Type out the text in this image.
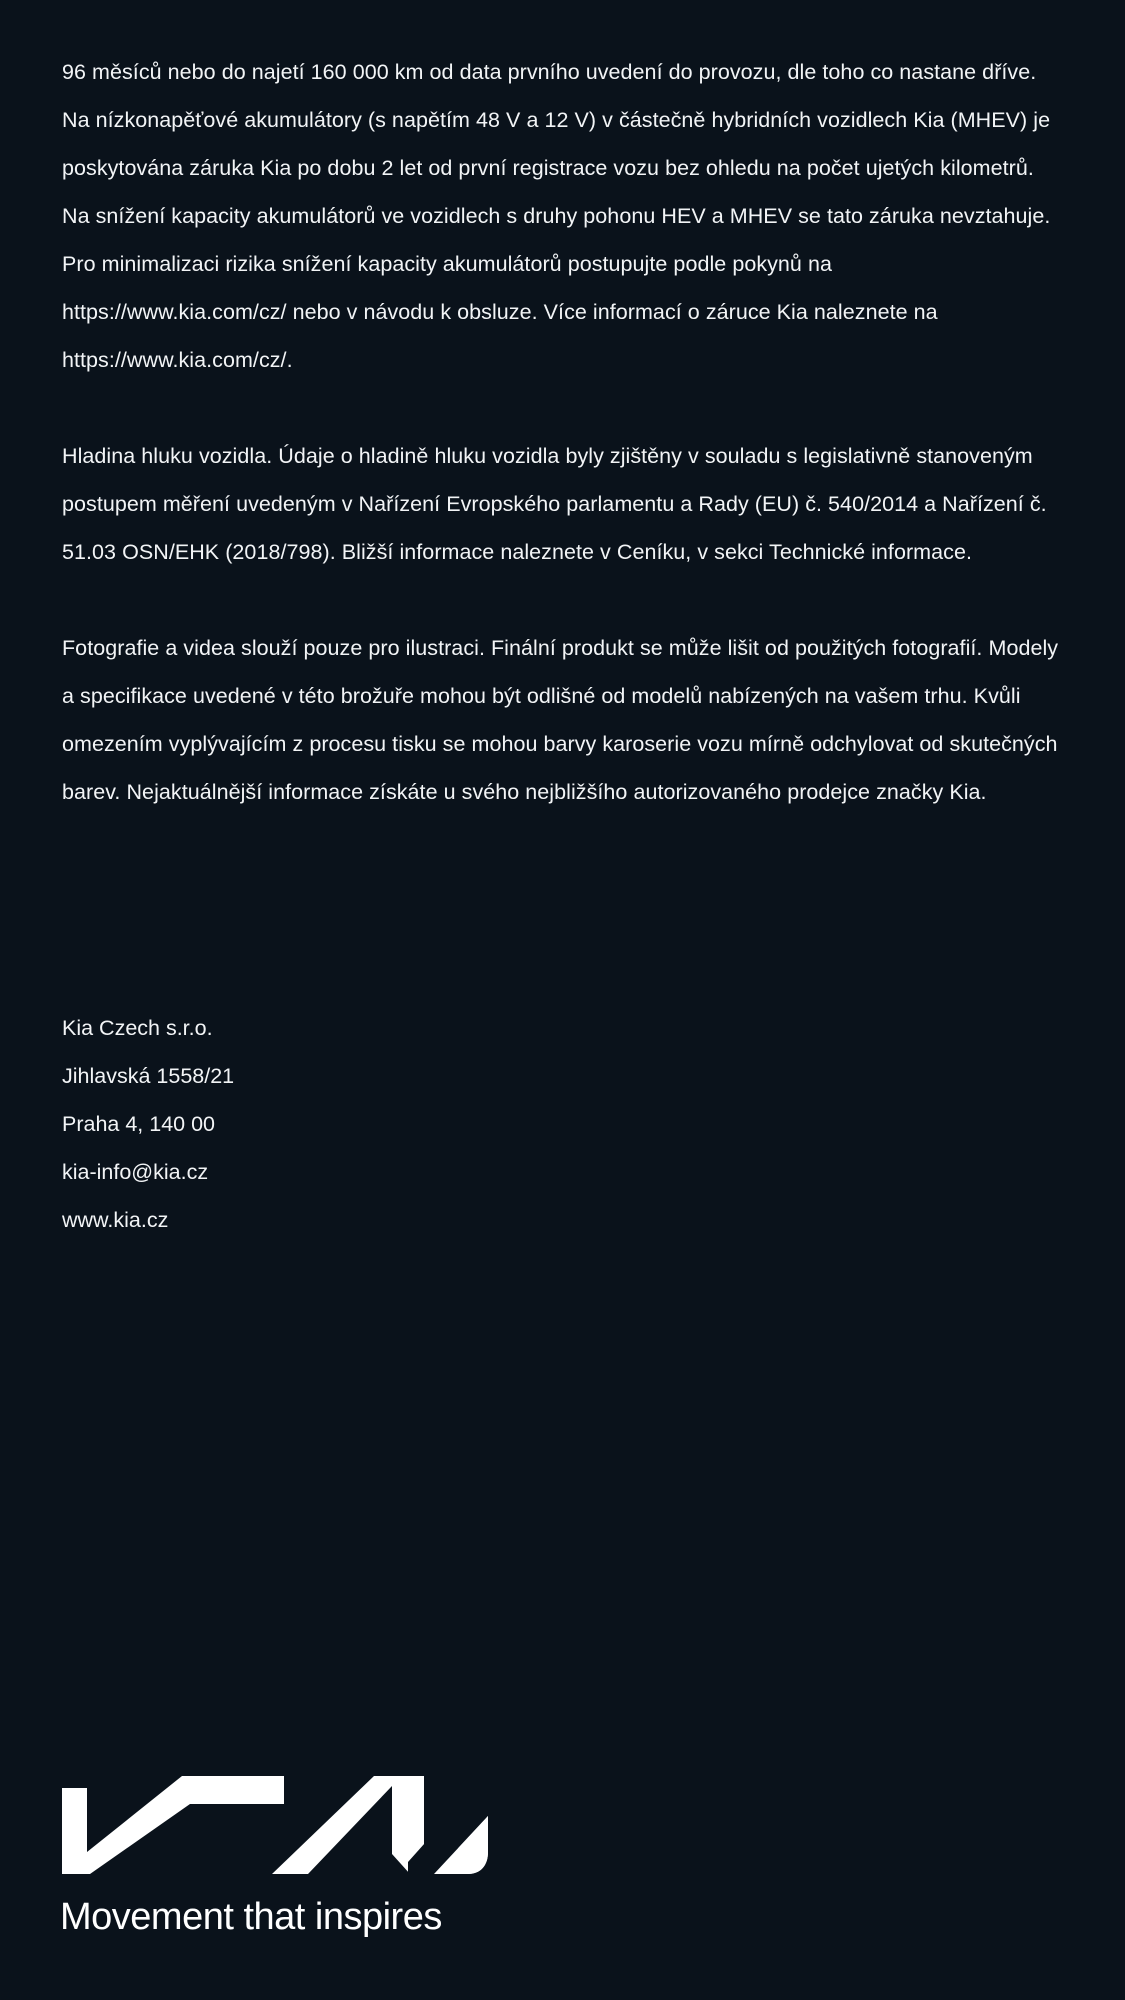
96 měsíců nebo do najetí 160 000 km od data prvního uvedení do provozu, dle toho co nastane dříve. Na nízkonapěťové akumulátory (s napětím 48 V a 12 V) v částečně hybridních vozidlech Kia (MHEV) je poskytována záruka Kia po dobu 2 let od první registrace vozu bez ohledu na počet ujetých kilometrů. Na snížení kapacity akumulátorů ve vozidlech s druhy pohonu HEV a MHEV se tato záruka nevztahuje. Pro minimalizaci rizika snížení kapacity akumulátorů postupujte podle pokynů na https://www.kia.com/cz/ nebo v návodu k obsluze. Více informací o záruce Kia naleznete na https://www.kia.com/cz/.

Hladina hluku vozidla. Údaje o hladině hluku vozidla byly zjištěny v souladu s legislativně stanoveným postupem měření uvedeným v Nařízení Evropského parlamentu a Rady (EU) č. 540/2014 a Nařízení č. 51.03 OSN/EHK (2018/798). Bližší informace naleznete v Ceníku, v sekci Technické informace.

Fotografie a videa slouží pouze pro ilustraci. Finální produkt se může lišit od použitých fotografií. Modely a specifikace uvedené v této brožuře mohou být odlišné od modelů nabízených na vašem trhu. Kvůli omezením vyplývajícím z procesu tisku se mohou barvy karoserie vozu mírně odchylovat od skutečných barev. Nejaktuálnější informace získáte u svého nejbližšího autorizovaného prodejce značky Kia.

Kia Czech s.r.o.
Jihlavská 1558/21
Praha 4, 140 00
kia-info@kia.cz
www.kia.cz
Movement that inspires
